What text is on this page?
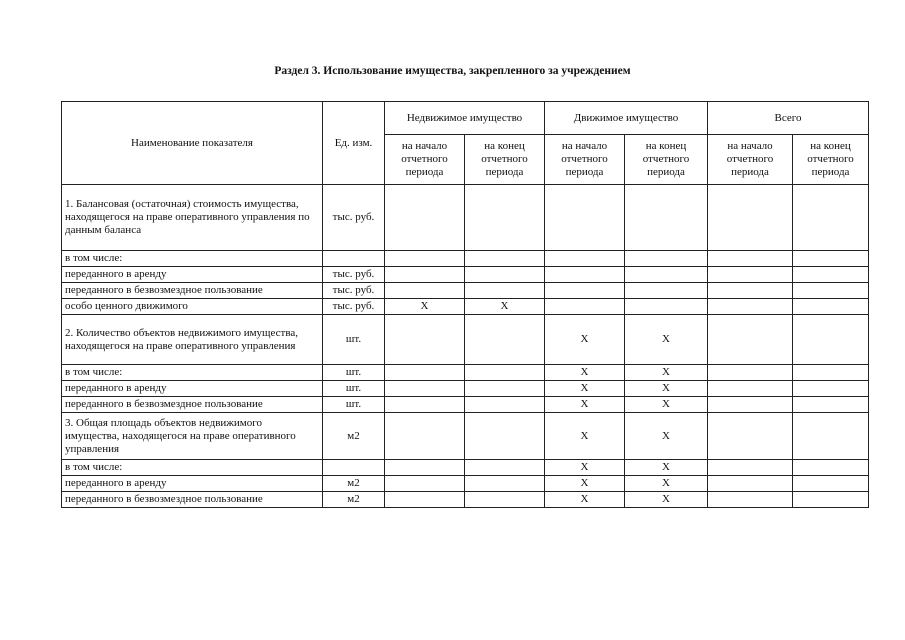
Раздел 3. Использование имущества, закрепленного за учреждением
Наименование показателя	Ед. изм.	Недвижимое имущество		Движимое имущество		Всего	
		на начало отчетного периода	на конец отчетного периода	на начало отчетного периода	на конец отчетного периода	на начало отчетного периода	на конец отчетного периода
1. Балансовая (остаточная) стоимость имущества, находящегося на праве оперативного управления по данным баланса	тыс. руб.						
в том числе:							
переданного в аренду	тыс. руб.						
переданного в безвозмездное пользование	тыс. руб.						
особо ценного движимого	тыс. руб.	X	X				
2. Количество объектов недвижимого имущества, находящегося на праве оперативного управления	шт.			X	X		
в том числе:	шт.			X	X		
переданного в аренду	шт.			X	X		
переданного в безвозмездное пользование	шт.			X	X		
3. Общая площадь объектов недвижимого имущества, находящегося на праве оперативного управления	м2			X	X		
в том числе:				X	X		
переданного в аренду	м2			X	X		
переданного в безвозмездное пользование	м2			X	X		
